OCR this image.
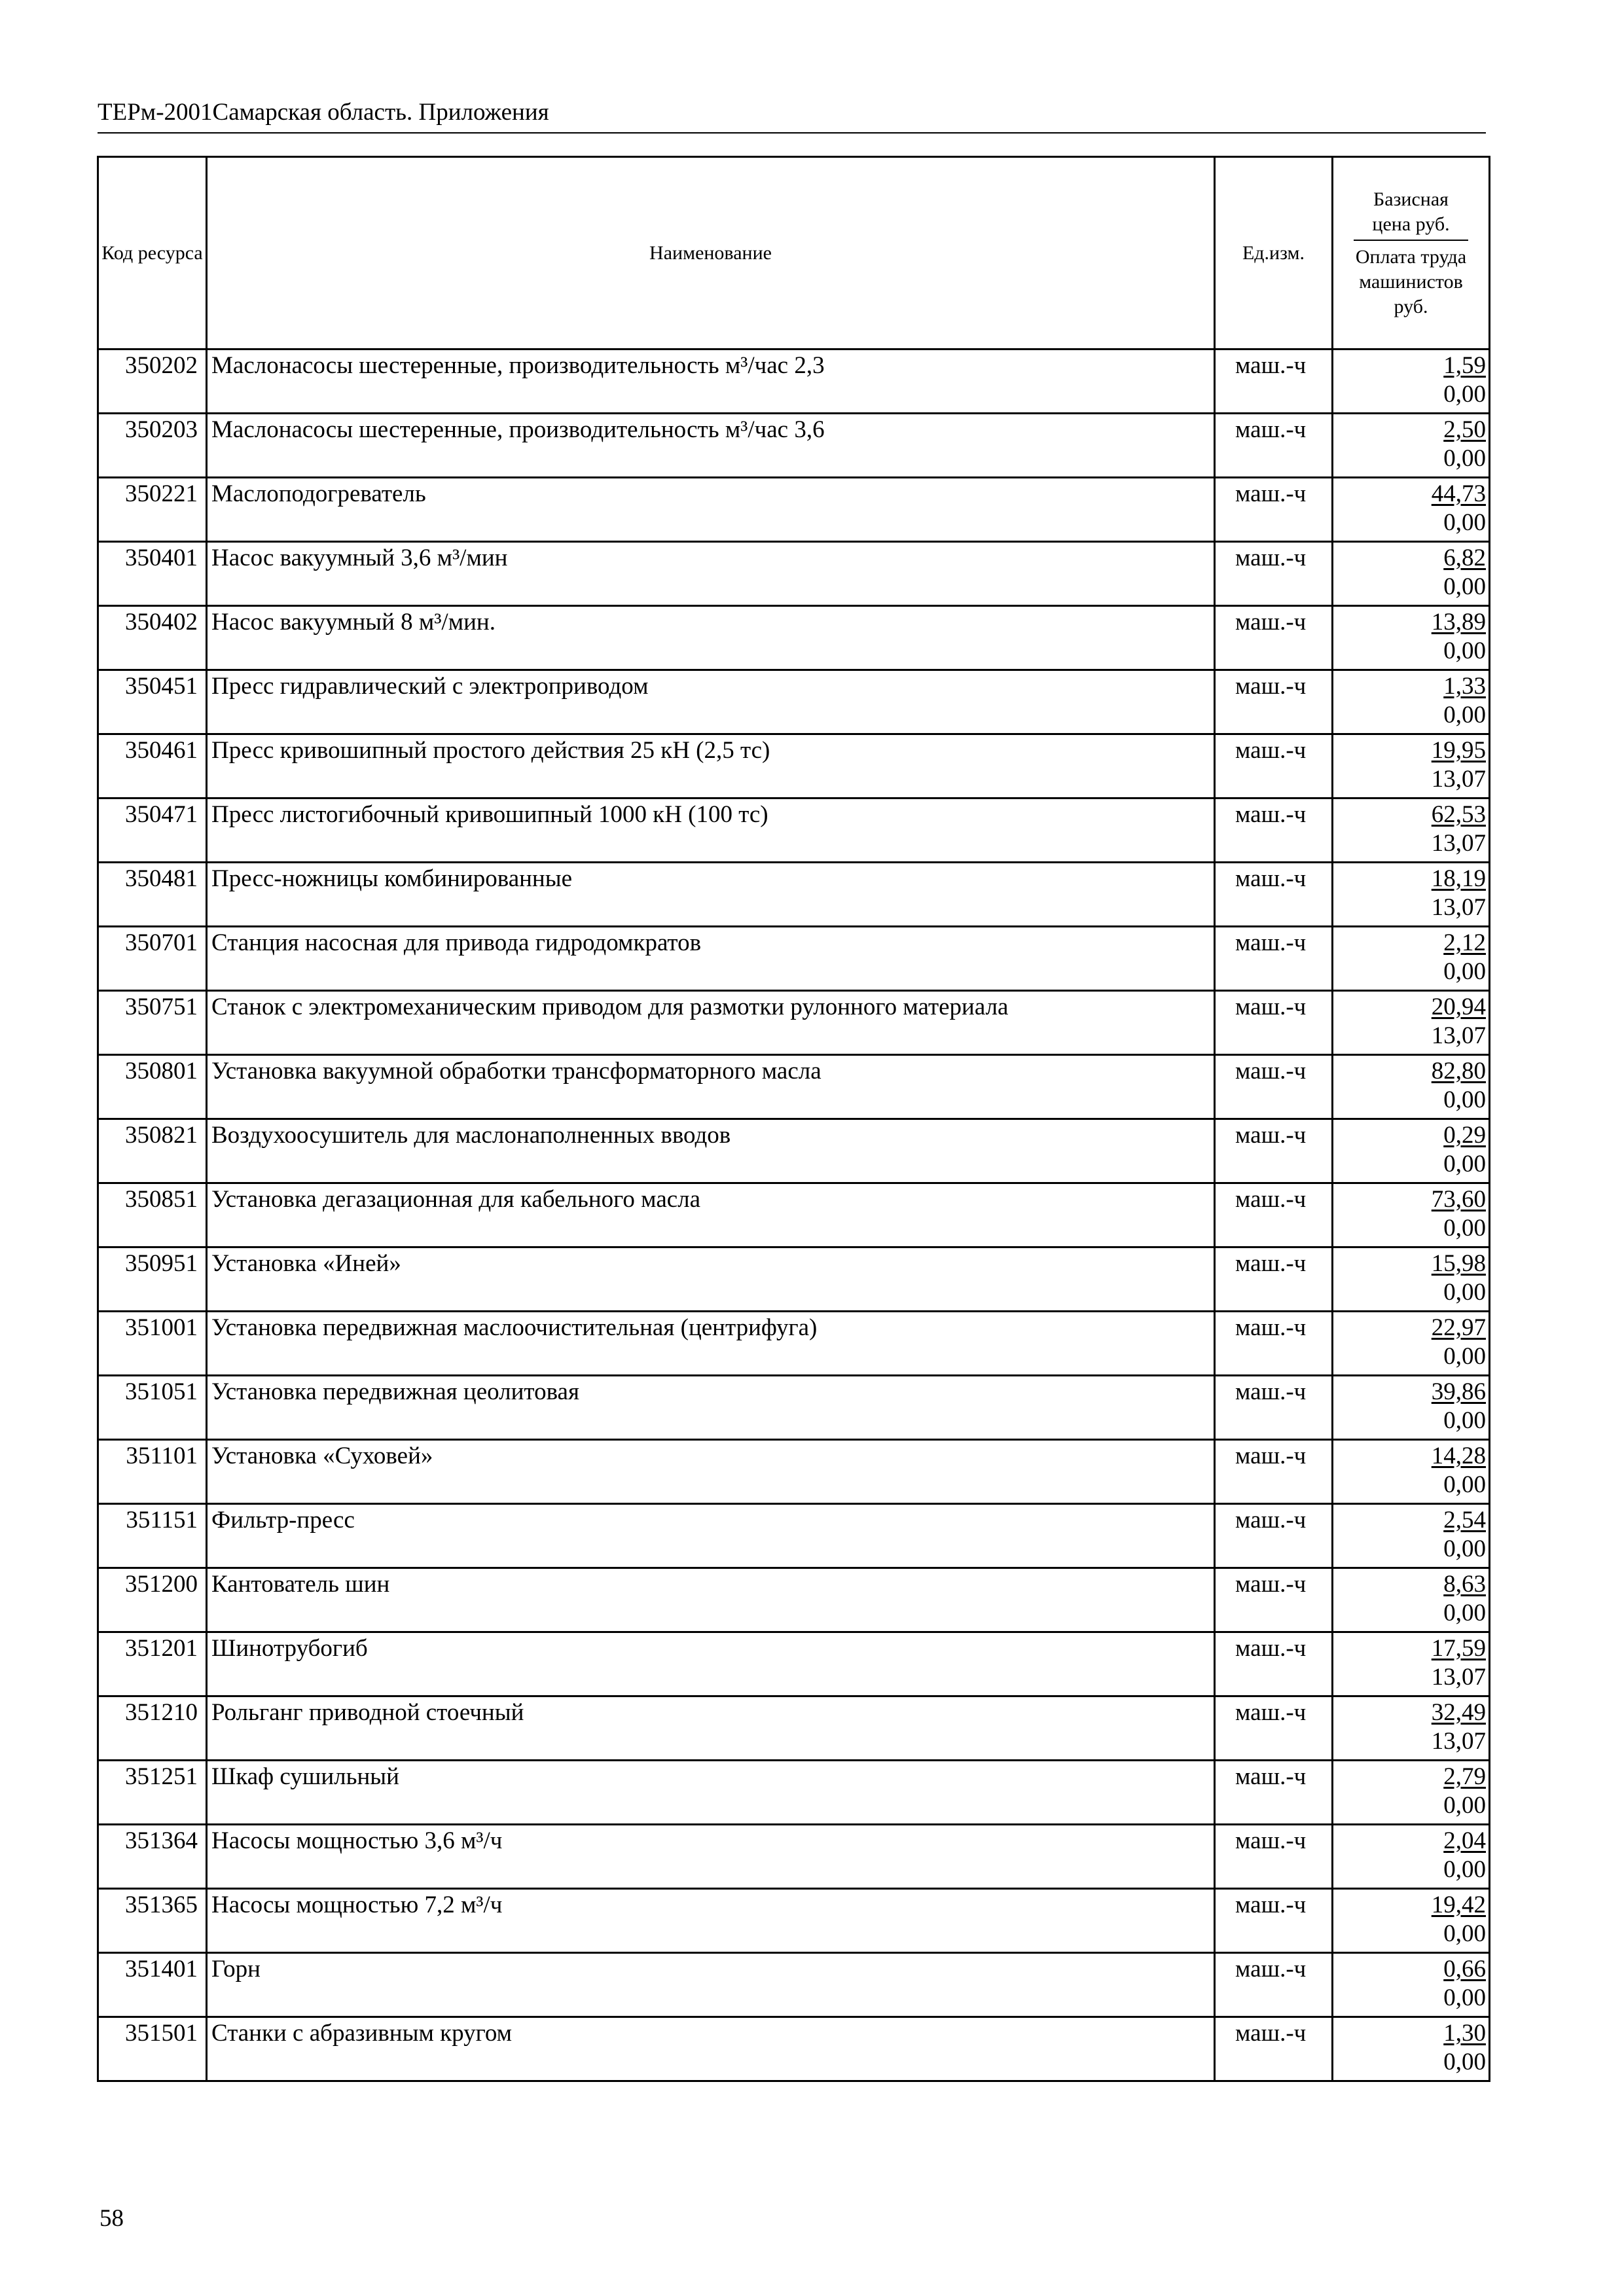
ТЕРм-2001Самарская область. Приложения
Код ресурса	Наименование	Ед.изм.	Базисная цена руб.
Оплата труда машинистов руб.

350202	Маслонасосы шестеренные, производительность м³/час 2,3	маш.-ч	1,59
0,00

350203	Маслонасосы шестеренные, производительность м³/час 3,6	маш.-ч	2,50
0,00

350221	Маслоподогреватель	маш.-ч	44,73
0,00

350401	Насос вакуумный 3,6 м³/мин	маш.-ч	6,82
0,00

350402	Насос вакуумный 8 м³/мин.	маш.-ч	13,89
0,00

350451	Пресс гидравлический с электроприводом	маш.-ч	1,33
0,00

350461	Пресс кривошипный простого действия 25 кН (2,5 тс)	маш.-ч	19,95
13,07

350471	Пресс листогибочный кривошипный 1000 кН (100 тс)	маш.-ч	62,53
13,07

350481	Пресс-ножницы комбинированные	маш.-ч	18,19
13,07

350701	Станция насосная для привода гидродомкратов	маш.-ч	2,12
0,00

350751	Станок с электромеханическим приводом для размотки рулонного материала	маш.-ч	20,94
13,07

350801	Установка вакуумной обработки трансформаторного масла	маш.-ч	82,80
0,00

350821	Воздухоосушитель для маслонаполненных вводов	маш.-ч	0,29
0,00

350851	Установка дегазационная для кабельного масла	маш.-ч	73,60
0,00

350951	Установка «Иней»	маш.-ч	15,98
0,00

351001	Установка передвижная маслоочистительная (центрифуга)	маш.-ч	22,97
0,00

351051	Установка передвижная цеолитовая	маш.-ч	39,86
0,00

351101	Установка «Суховей»	маш.-ч	14,28
0,00

351151	Фильтр-пресс	маш.-ч	2,54
0,00

351200	Кантователь шин	маш.-ч	8,63
0,00

351201	Шинотрубогиб	маш.-ч	17,59
13,07

351210	Рольганг приводной стоечный	маш.-ч	32,49
13,07

351251	Шкаф сушильный	маш.-ч	2,79
0,00

351364	Насосы мощностью 3,6 м³/ч	маш.-ч	2,04
0,00

351365	Насосы мощностью 7,2 м³/ч	маш.-ч	19,42
0,00

351401	Горн	маш.-ч	0,66
0,00

351501	Станки с абразивным кругом	маш.-ч	1,30
0,00
58
